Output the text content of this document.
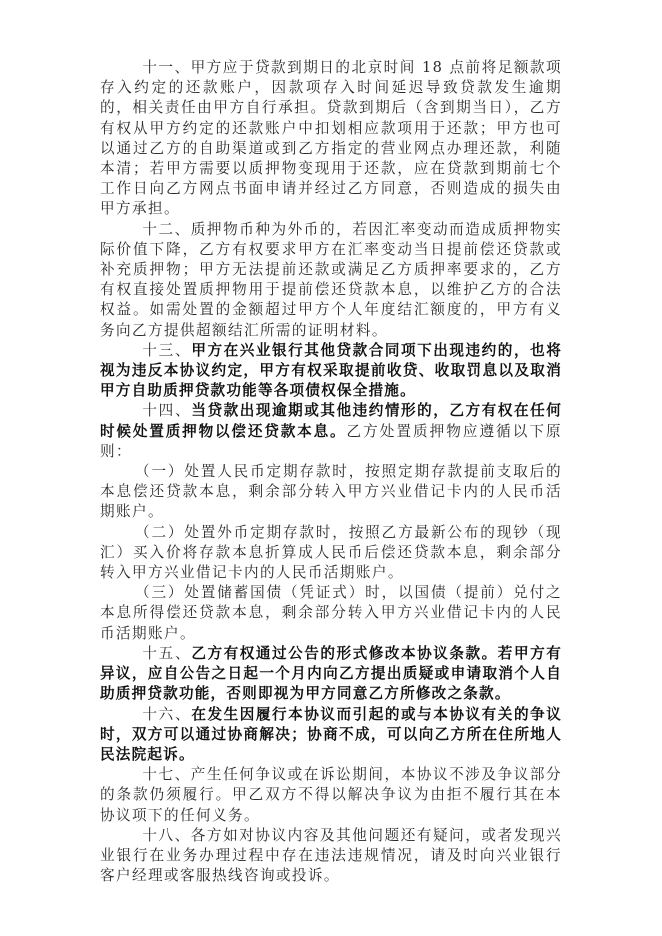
十一、甲方应于贷款到期日的北京时间 18 点前将足额款项存入约定的还款账户，因款项存入时间延迟导致贷款发生逾期的，相关责任由甲方自行承担。贷款到期后（含到期当日），乙方有权从甲方约定的还款账户中扣划相应款项用于还款；甲方也可以通过乙方的自助渠道或到乙方指定的营业网点办理还款，利随本清；若甲方需要以质押物变现用于还款，应在贷款到期前七个工作日向乙方网点书面申请并经过乙方同意，否则造成的损失由甲方承担。

十二、质押物币种为外币的，若因汇率变动而造成质押物实际价值下降，乙方有权要求甲方在汇率变动当日提前偿还贷款或补充质押物；甲方无法提前还款或满足乙方质押率要求的，乙方有权直接处置质押物用于提前偿还贷款本息，以维护乙方的合法权益。如需处置的金额超过甲方个人年度结汇额度的，甲方有义务向乙方提供超额结汇所需的证明材料。

十三、甲方在兴业银行其他贷款合同项下出现违约的，也将视为违反本协议约定，甲方有权采取提前收贷、收取罚息以及取消甲方自助质押贷款功能等各项债权保全措施。

十四、当贷款出现逾期或其他违约情形的，乙方有权在任何时候处置质押物以偿还贷款本息。乙方处置质押物应遵循以下原则：

（一）处置人民币定期存款时，按照定期存款提前支取后的本息偿还贷款本息，剩余部分转入甲方兴业借记卡内的人民币活期账户。

（二）处置外币定期存款时，按照乙方最新公布的现钞（现汇）买入价将存款本息折算成人民币后偿还贷款本息，剩余部分转入甲方兴业借记卡内的人民币活期账户。

（三）处置储蓄国债（凭证式）时，以国债（提前）兑付之本息所得偿还贷款本息，剩余部分转入甲方兴业借记卡内的人民币活期账户。

十五、乙方有权通过公告的形式修改本协议条款。若甲方有异议，应自公告之日起一个月内向乙方提出质疑或申请取消个人自助质押贷款功能，否则即视为甲方同意乙方所修改之条款。

十六、在发生因履行本协议而引起的或与本协议有关的争议时，双方可以通过协商解决；协商不成，可以向乙方所在住所地人民法院起诉。

十七、产生任何争议或在诉讼期间，本协议不涉及争议部分的条款仍须履行。甲乙双方不得以解决争议为由拒不履行其在本协议项下的任何义务。

十八、各方如对协议内容及其他问题还有疑问，或者发现兴业银行在业务办理过程中存在违法违规情况，请及时向兴业银行客户经理或客服热线咨询或投诉。
